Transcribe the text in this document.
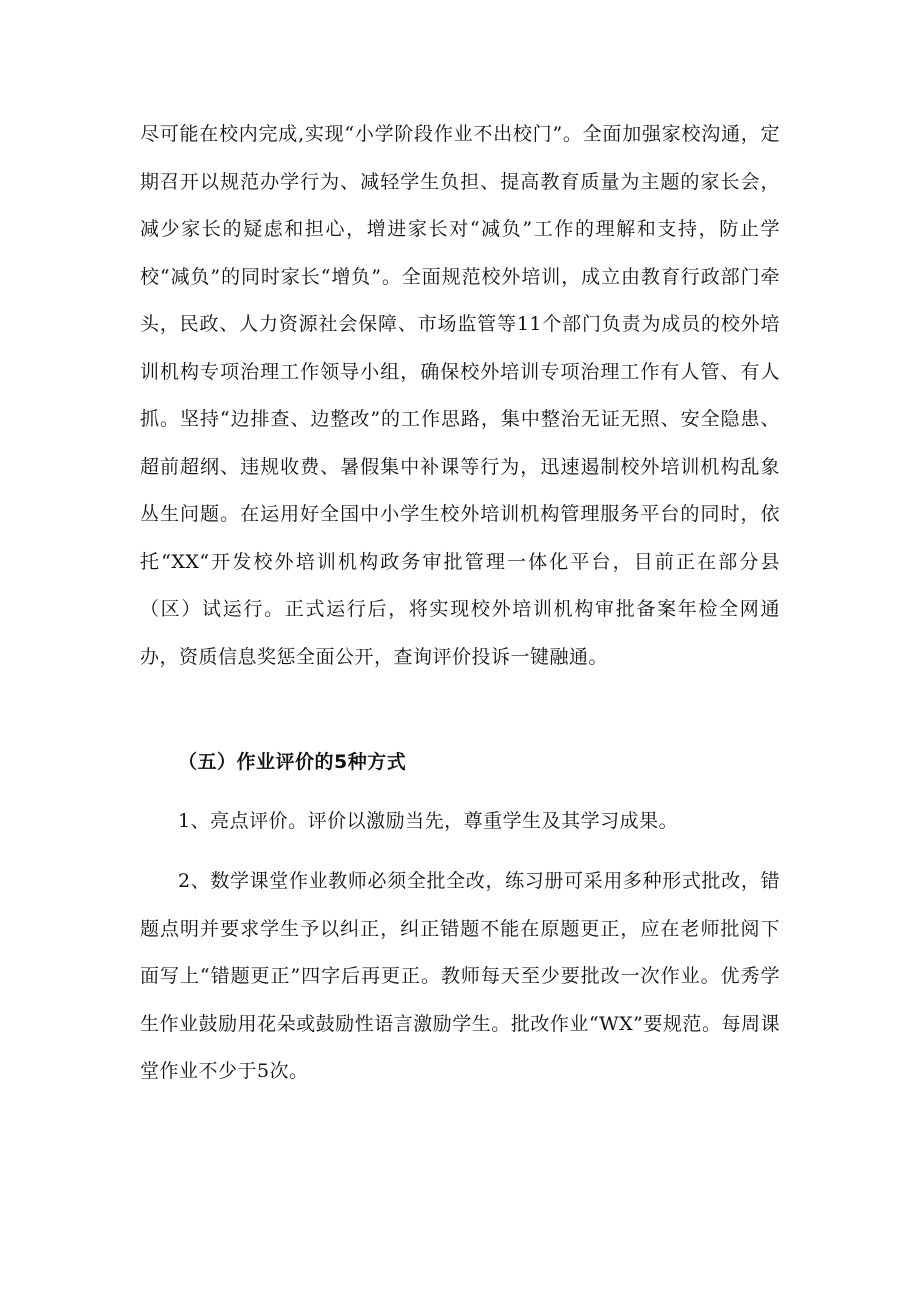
尽可能在校内完成,实现“小学阶段作业不出校门”。全面加强家校沟通，定期召开以规范办学行为、减轻学生负担、提高教育质量为主题的家长会，减少家长的疑虑和担心，增进家长对“减负”工作的理解和支持，防止学校“减负”的同时家长“增负”。全面规范校外培训，成立由教育行政部门牵头，民政、人力资源社会保障、市场监管等11个部门负责为成员的校外培训机构专项治理工作领导小组，确保校外培训专项治理工作有人管、有人抓。坚持“边排查、边整改”的工作思路，集中整治无证无照、安全隐患、超前超纲、违规收费、暑假集中补课等行为，迅速遏制校外培训机构乱象丛生问题。在运用好全国中小学生校外培训机构管理服务平台的同时，依托“XX“开发校外培训机构政务审批管理一体化平台，目前正在部分县（区）试运行。正式运行后，将实现校外培训机构审批备案年检全网通办，资质信息奖惩全面公开，查询评价投诉一键融通。

（五）作业评价的5种方式

1、亮点评价。评价以激励当先，尊重学生及其学习成果。

2、数学课堂作业教师必须全批全改，练习册可采用多种形式批改，错题点明并要求学生予以纠正，纠正错题不能在原题更正，应在老师批阅下面写上“错题更正”四字后再更正。教师每天至少要批改一次作业。优秀学生作业鼓励用花朵或鼓励性语言激励学生。批改作业“WX”要规范。每周课堂作业不少于5次。
